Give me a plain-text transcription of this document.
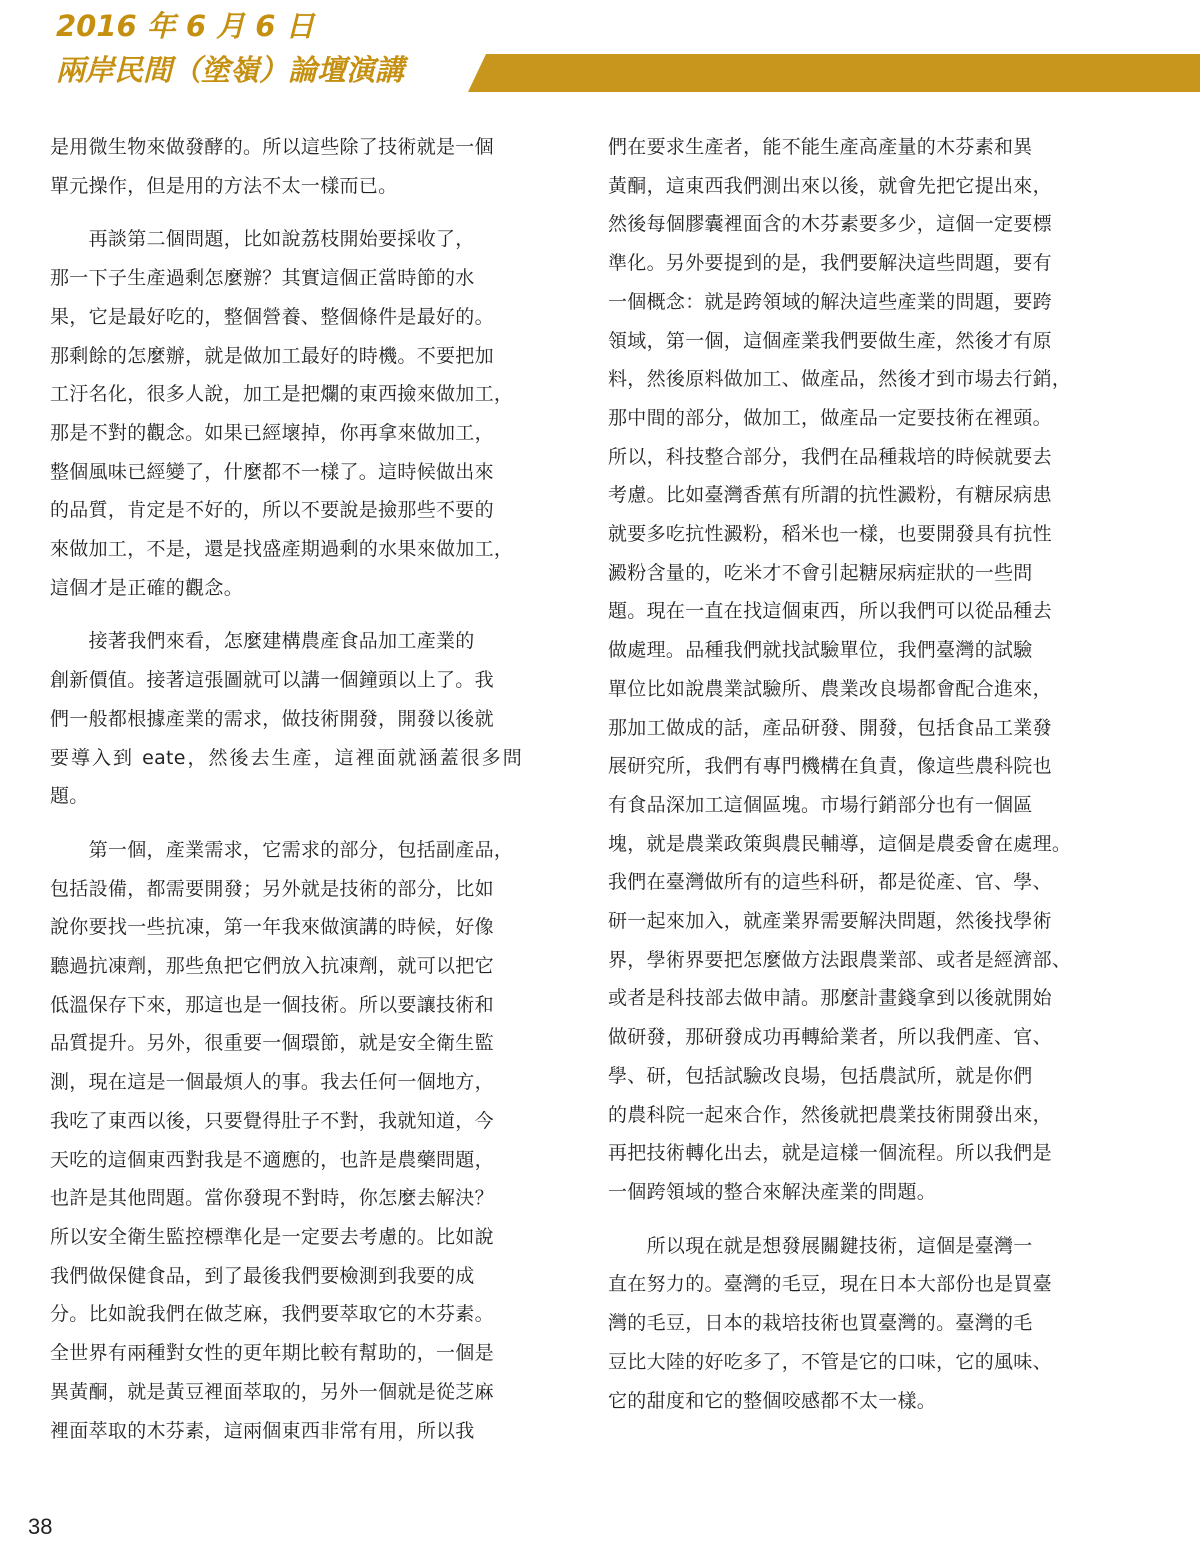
2016 年 6 月 6 日
兩岸民間（塗嶺）論壇演講

是用微生物來做發酵的。所以這些除了技術就是一個
單元操作，但是用的方法不太一樣而已。

　　再談第二個問題，比如說荔枝開始要採收了，
那一下子生產過剩怎麼辦？其實這個正當時節的水
果，它是最好吃的，整個營養、整個條件是最好的。
那剩餘的怎麼辦，就是做加工最好的時機。不要把加
工汙名化，很多人說，加工是把爛的東西撿來做加工，
那是不對的觀念。如果已經壞掉，你再拿來做加工，
整個風味已經變了，什麼都不一樣了。這時候做出來
的品質，肯定是不好的，所以不要說是撿那些不要的
來做加工，不是，還是找盛產期過剩的水果來做加工，
這個才是正確的觀念。

　　接著我們來看，怎麼建構農產食品加工產業的
創新價值。接著這張圖就可以講一個鐘頭以上了。我
們一般都根據產業的需求，做技術開發，開發以後就
要導入到 eate，然後去生產，這裡面就涵蓋很多問題。

　　第一個，產業需求，它需求的部分，包括副產品，
包括設備，都需要開發；另外就是技術的部分，比如
說你要找一些抗凍，第一年我來做演講的時候，好像
聽過抗凍劑，那些魚把它們放入抗凍劑，就可以把它
低溫保存下來，那這也是一個技術。所以要讓技術和
品質提升。另外，很重要一個環節，就是安全衛生監
測，現在這是一個最煩人的事。我去任何一個地方，
我吃了東西以後，只要覺得肚子不對，我就知道，今
天吃的這個東西對我是不適應的，也許是農藥問題，
也許是其他問題。當你發現不對時，你怎麼去解決？
所以安全衛生監控標準化是一定要去考慮的。比如說
我們做保健食品，到了最後我們要檢測到我要的成
分。比如說我們在做芝麻，我們要萃取它的木芬素。
全世界有兩種對女性的更年期比較有幫助的，一個是
異黃酮，就是黃豆裡面萃取的，另外一個就是從芝麻
裡面萃取的木芬素，這兩個東西非常有用，所以我

們在要求生產者，能不能生產高產量的木芬素和異
黃酮，這東西我們測出來以後，就會先把它提出來，
然後每個膠囊裡面含的木芬素要多少，這個一定要標
準化。另外要提到的是，我們要解決這些問題，要有
一個概念：就是跨領域的解決這些產業的問題，要跨
領域，第一個，這個產業我們要做生產，然後才有原
料，然後原料做加工、做產品，然後才到市場去行銷，
那中間的部分，做加工，做產品一定要技術在裡頭。
所以，科技整合部分，我們在品種栽培的時候就要去
考慮。比如臺灣香蕉有所謂的抗性澱粉，有糖尿病患
就要多吃抗性澱粉，稻米也一樣，也要開發具有抗性
澱粉含量的，吃米才不會引起糖尿病症狀的一些問
題。現在一直在找這個東西，所以我們可以從品種去
做處理。品種我們就找試驗單位，我們臺灣的試驗
單位比如說農業試驗所、農業改良場都會配合進來，
那加工做成的話，產品研發、開發，包括食品工業發
展研究所，我們有專門機構在負責，像這些農科院也
有食品深加工這個區塊。市場行銷部分也有一個區
塊，就是農業政策與農民輔導，這個是農委會在處理。
我們在臺灣做所有的這些科研，都是從產、官、學、
研一起來加入，就產業界需要解決問題，然後找學術
界，學術界要把怎麼做方法跟農業部、或者是經濟部、
或者是科技部去做申請。那麼計畫錢拿到以後就開始
做研發，那研發成功再轉給業者，所以我們產、官、
學、研，包括試驗改良場，包括農試所，就是你們
的農科院一起來合作，然後就把農業技術開發出來，
再把技術轉化出去，就是這樣一個流程。所以我們是
一個跨領域的整合來解決產業的問題。

　　所以現在就是想發展關鍵技術，這個是臺灣一
直在努力的。臺灣的毛豆，現在日本大部份也是買臺
灣的毛豆，日本的栽培技術也買臺灣的。臺灣的毛
豆比大陸的好吃多了，不管是它的口味，它的風味、
它的甜度和它的整個咬感都不太一樣。

38
